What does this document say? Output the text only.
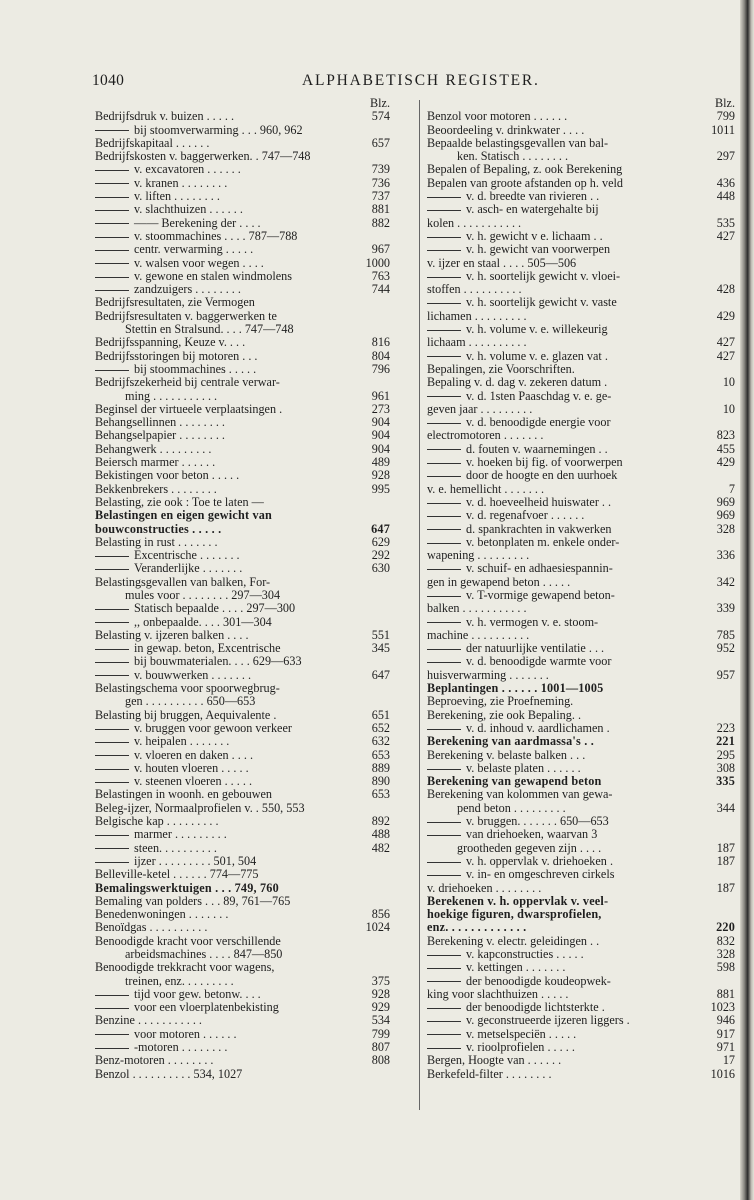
1040	ALPHABETISCH REGISTER.
Blz.
Bedrijfsdruk v. buizen . . . . .	574
bij stoomverwarming . . . 960, 962
Bedrijfskapitaal . . . . . .	657
Bedrijfskosten v. baggerwerken. . 747—748
v. excavatoren . . . . . .	739
v. kranen . . . . . . . .	736
v. liften . . . . . . . .	737
v. slachthuizen . . . . . .	881
—— Berekening der . . . .	882
v. stoommachines . . . . 787—788
centr. verwarming . . . . .	967
v. walsen voor wegen . . . .	1000
v. gewone en stalen windmolens	763
zandzuigers . . . . . . . .	744
Bedrijfsresultaten, zie Vermogen
Bedrijfsresultaten v. baggerwerken te
Stettin en Stralsund. . . . 747—748
Bedrijfsspanning, Keuze v. . . .	816
Bedrijfsstoringen bij motoren . . .	804
bij stoommachines . . . . .	796
Bedrijfszekerheid bij centrale verwar-
ming . . . . . . . . . . .	961
Beginsel der virtueele verplaatsingen .	273
Behangsellinnen . . . . . . . .	904
Behangselpapier . . . . . . . .	904
Behangwerk . . . . . . . . .	904
Beiersch marmer . . . . . .	489
Bekistingen voor beton . . . . .	928
Bekkenbrekers . . . . . . . .	995
Belasting, zie ook : Toe te laten —
Belastingen en eigen gewicht van
bouwconstructies . . . . .	647
Belasting in rust . . . . . . .	629
Excentrische . . . . . . .	292
Veranderlijke . . . . . . .	630
Belastingsgevallen van balken, For-
mules voor . . . . . . . . 297—304
Statisch bepaalde . . . . 297—300
,, onbepaalde. . . . 301—304
Belasting v. ijzeren balken . . . .	551
in gewap. beton, Excentrische	345
bij bouwmaterialen. . . . 629—633
v. bouwwerken . . . . . . .	647
Belastingschema voor spoorwegbrug-
gen . . . . . . . . . . 650—653
Belasting bij bruggen, Aequivalente .	651
v. bruggen voor gewoon verkeer	652
v. heipalen . . . . . . .	632
v. vloeren en daken . . . .	653
v. houten vloeren . . . . .	889
v. steenen vloeren . . . . .	890
Belastingen in woonh. en gebouwen	653
Beleg-ijzer, Normaalprofielen v. . 550, 553
Belgische kap . . . . . . . . .	892
marmer . . . . . . . . .	488
steen. . . . . . . . . .	482
ijzer . . . . . . . . . 501, 504
Belleville-ketel . . . . . . 774—775
Bemalingswerktuigen . . . 749, 760
Bemaling van polders . . . 89, 761—765
Benedenwoningen . . . . . . .	856
Benoïdgas . . . . . . . . . .	1024
Benoodigde kracht voor verschillende
arbeidsmachines . . . . 847—850
Benoodigde trekkracht voor wagens,
treinen, enz. . . . . . . . .	375
tijd voor gew. betonw. . . .	928
voor een vloerplatenbekisting	929
Benzine . . . . . . . . . . .	534
voor motoren . . . . . .	799
-motoren . . . . . . . .	807
Benz-motoren . . . . . . . .	808
Benzol . . . . . . . . . . 534, 1027
Blz.
Benzol voor motoren . . . . . .	799
Beoordeeling v. drinkwater . . . .	1011
Bepaalde belastingsgevallen van bal-
ken. Statisch . . . . . . . .	297
Bepalen of Bepaling, z. ook Berekening
Bepalen van groote afstanden op h. veld	436
v. d. breedte van rivieren . .	448
v. asch- en watergehalte bij
kolen . . . . . . . . . . .	535
v. h. gewicht v e. lichaam . .	427
v. h. gewicht van voorwerpen
v. ijzer en staal . . . . 505—506
v. h. soortelijk gewicht v. vloei-
stoffen . . . . . . . . . .	428
v. h. soortelijk gewicht v. vaste
lichamen . . . . . . . . .	429
v. h. volume v. e. willekeurig
lichaam . . . . . . . . . .	427
v. h. volume v. e. glazen vat .	427
Bepalingen, zie Voorschriften.
Bepaling v. d. dag v. zekeren datum .	10
v. d. 1sten Paaschdag v. e. ge-
geven jaar . . . . . . . . .	10
v. d. benoodigde energie voor
electromotoren . . . . . . .	823
d. fouten v. waarnemingen . .	455
v. hoeken bij fig. of voorwerpen	429
door de hoogte en den uurhoek
v. e. hemellicht . . . . . . .	7
v. d. hoeveelheid huiswater . .	969
v. d. regenafvoer . . . . . .	969
d. spankrachten in vakwerken	328
v. betonplaten m. enkele onder-
wapening . . . . . . . . .	336
v. schuif- en adhaesiespannin-
gen in gewapend beton . . . . .	342
v. T-vormige gewapend beton-
balken . . . . . . . . . . .	339
v. h. vermogen v. e. stoom-
machine . . . . . . . . . .	785
der natuurlijke ventilatie . . .	952
v. d. benoodigde warmte voor
huisverwarming . . . . . . .	957
Beplantingen . . . . . . 1001—1005
Beproeving, zie Proefneming.
Berekening, zie ook Bepaling. .
v. d. inhoud v. aardlichamen .	223
Berekening van aardmassa's . .	221
Berekening v. belaste balken . . .	295
v. belaste platen . . . . . .	308
Berekening van gewapend beton	335
Berekening van kolommen van gewa-
pend beton . . . . . . . . .	344
v. bruggen. . . . . . . 650—653
van driehoeken, waarvan 3
grootheden gegeven zijn . . . .	187
v. h. oppervlak v. driehoeken .	187
v. in- en omgeschreven cirkels
v. driehoeken . . . . . . . .	187
Berekenen v. h. oppervlak v. veel-
hoekige figuren, dwarsprofielen,
enz. . . . . . . . . . . . .	220
Berekening v. electr. geleidingen . .	832
v. kapconstructies . . . . .	328
v. kettingen . . . . . . .	598
der benoodigde koudeopwek-
king voor slachthuizen . . . . .	881
der benoodigde lichtsterkte .	1023
v. geconstrueerde ijzeren liggers .	946
v. metselspeciën . . . . .	917
v. rioolprofielen . . . . .	971
Bergen, Hoogte van . . . . . .	17
Berkefeld-filter . . . . . . . .	1016
